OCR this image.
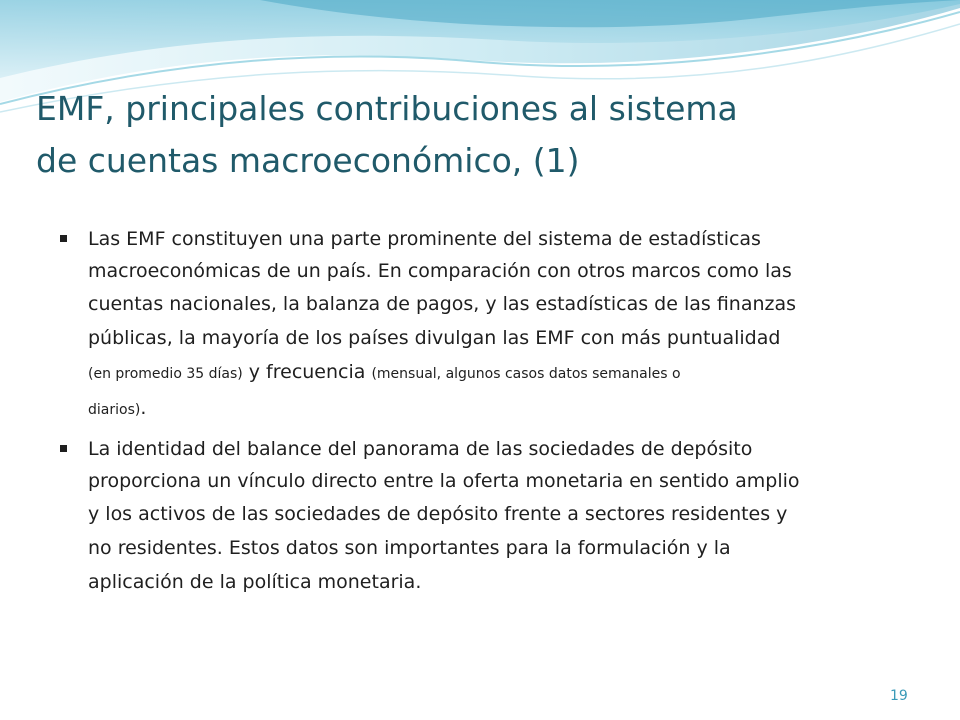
EMF, principales contribuciones al sistema
de cuentas macroeconómico, (1)
Las EMF constituyen una parte prominente del sistema de estadísticas
macroeconómicas de un país. En comparación con otros marcos como las
cuentas nacionales, la balanza de pagos, y las estadísticas de las finanzas
públicas, la mayoría de los países divulgan las EMF con más puntualidad
(en promedio 35 días) y frecuencia (mensual, algunos casos datos semanales o
diarios).
La identidad del balance del panorama de las sociedades de depósito
proporciona un vínculo directo entre la oferta monetaria en sentido amplio
y los activos de las sociedades de depósito frente a sectores residentes y
no residentes. Estos datos son importantes para la formulación y la
aplicación de la política monetaria.
19
